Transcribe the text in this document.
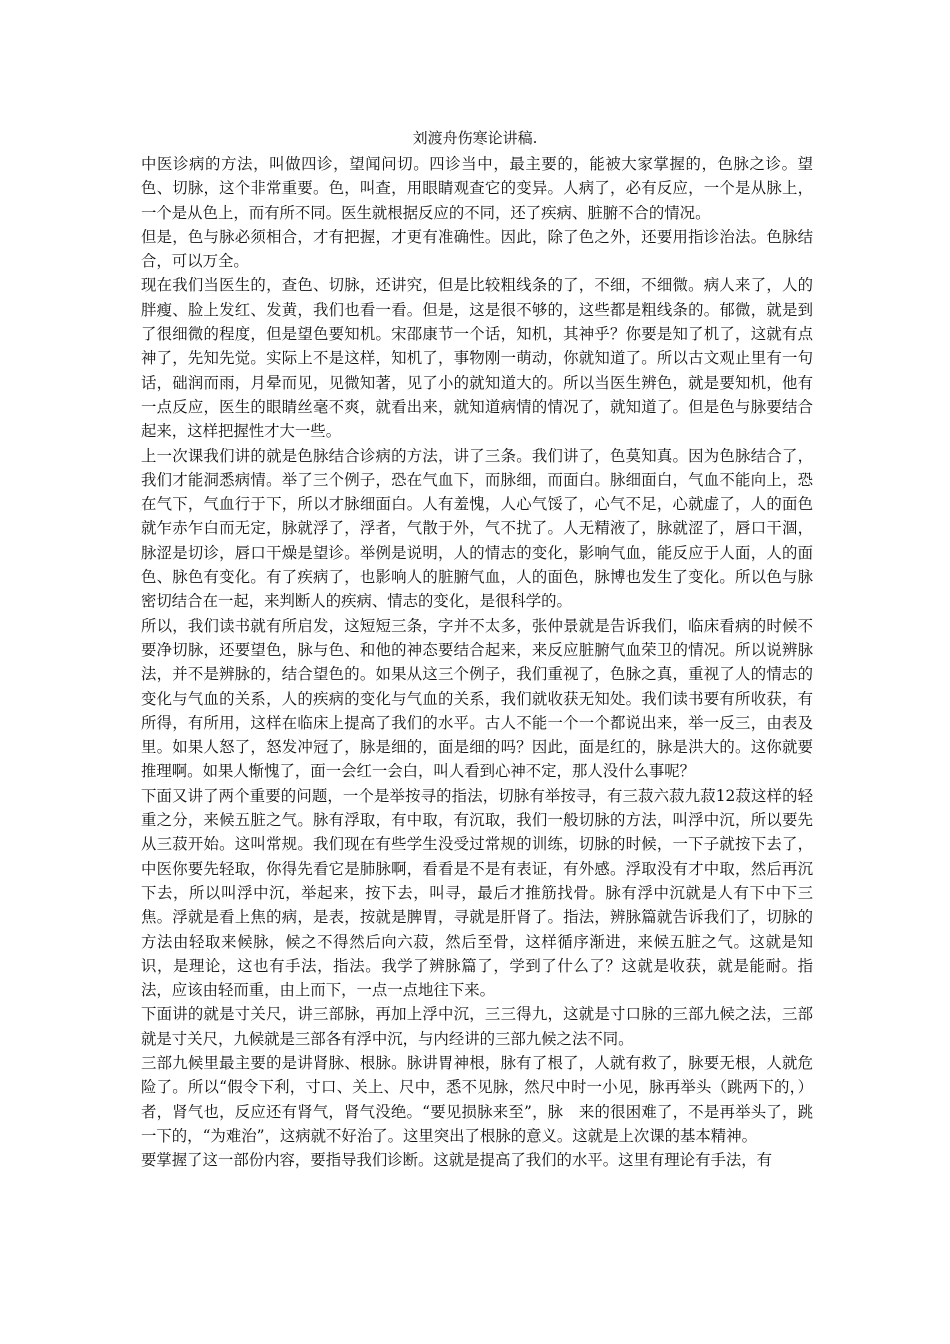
刘渡舟伤寒论讲稿.

中医诊病的方法，叫做四诊，望闻问切。四诊当中，最主要的，能被大家掌握的，色脉之诊。望色、切脉，这个非常重要。色，叫查，用眼睛观查它的变异。人病了，必有反应，一个是从脉上，一个是从色上，而有所不同。医生就根据反应的不同，还了疾病、脏腑不合的情况。

但是，色与脉必须相合，才有把握，才更有准确性。因此，除了色之外，还要用指诊治法。色脉结合，可以万全。

现在我们当医生的，查色、切脉，还讲究，但是比较粗线条的了，不细，不细微。病人来了，人的胖瘦、脸上发红、发黄，我们也看一看。但是，这是很不够的，这些都是粗线条的。郁微，就是到了很细微的程度，但是望色要知机。宋邵康节一个话，知机，其神乎？你要是知了机了，这就有点神了，先知先觉。实际上不是这样，知机了，事物刚一萌动，你就知道了。所以古文观止里有一句话，础润而雨，月晕而见，见微知著，见了小的就知道大的。所以当医生辨色，就是要知机，他有一点反应，医生的眼睛丝毫不爽，就看出来，就知道病情的情况了，就知道了。但是色与脉要结合起来，这样把握性才大一些。

上一次课我们讲的就是色脉结合诊病的方法，讲了三条。我们讲了，色莫知真。因为色脉结合了，我们才能洞悉病情。举了三个例子，恐在气血下，而脉细，而面白。脉细面白，气血不能向上，恐在气下，气血行于下，所以才脉细面白。人有羞愧，人心气馁了，心气不足，心就虚了，人的面色就乍赤乍白而无定，脉就浮了，浮者，气散于外，气不扰了。人无精液了，脉就涩了，唇口干涸，脉涩是切诊，唇口干燥是望诊。举例是说明，人的情志的变化，影响气血，能反应于人面，人的面色、脉色有变化。有了疾病了，也影响人的脏腑气血，人的面色，脉博也发生了变化。所以色与脉密切结合在一起，来判断人的疾病、情志的变化，是很科学的。

所以，我们读书就有所启发，这短短三条，字并不太多，张仲景就是告诉我们，临床看病的时候不要净切脉，还要望色，脉与色、和他的神态要结合起来，来反应脏腑气血荣卫的情况。所以说辨脉法，并不是辨脉的，结合望色的。如果从这三个例子，我们重视了，色脉之真，重视了人的情志的变化与气血的关系，人的疾病的变化与气血的关系，我们就收获无知处。我们读书要有所收获，有所得，有所用，这样在临床上提高了我们的水平。古人不能一个一个都说出来，举一反三，由表及里。如果人怒了，怒发冲冠了，脉是细的，面是细的吗？因此，面是红的，脉是洪大的。这你就要推理啊。如果人惭愧了，面一会红一会白，叫人看到心神不定，那人没什么事呢？

下面又讲了两个重要的问题，一个是举按寻的指法，切脉有举按寻，有三菽六菽九菽12菽这样的轻重之分，来候五脏之气。脉有浮取，有中取，有沉取，我们一般切脉的方法，叫浮中沉，所以要先从三菽开始。这叫常规。我们现在有些学生没受过常规的训练，切脉的时候，一下子就按下去了，中医你要先轻取，你得先看它是肺脉啊，看看是不是有表证，有外感。浮取没有才中取，然后再沉下去，所以叫浮中沉，举起来，按下去，叫寻，最后才推筋找骨。脉有浮中沉就是人有下中下三焦。浮就是看上焦的病，是表，按就是脾胃，寻就是肝肾了。指法，辨脉篇就告诉我们了，切脉的方法由轻取来候脉，候之不得然后向六菽，然后至骨，这样循序渐进，来候五脏之气。这就是知识，是理论，这也有手法，指法。我学了辨脉篇了，学到了什么了？这就是收获，就是能耐。指法，应该由轻而重，由上而下，一点一点地往下来。

下面讲的就是寸关尺，讲三部脉，再加上浮中沉，三三得九，这就是寸口脉的三部九候之法，三部就是寸关尺，九候就是三部各有浮中沉，与内经讲的三部九候之法不同。

三部九候里最主要的是讲肾脉、根脉。脉讲胃神根，脉有了根了，人就有救了，脉要无根，人就危险了。所以“假令下利，寸口、关上、尺中，悉不见脉，然尺中时一小见，脉再举头（跳两下的，）者，肾气也，反应还有肾气，肾气没绝。“要见损脉来至”，脉　来的很困难了，不是再举头了，跳一下的，“为难治”，这病就不好治了。这里突出了根脉的意义。这就是上次课的基本精神。

要掌握了这一部份内容，要指导我们诊断。这就是提高了我们的水平。这里有理论有手法，有
